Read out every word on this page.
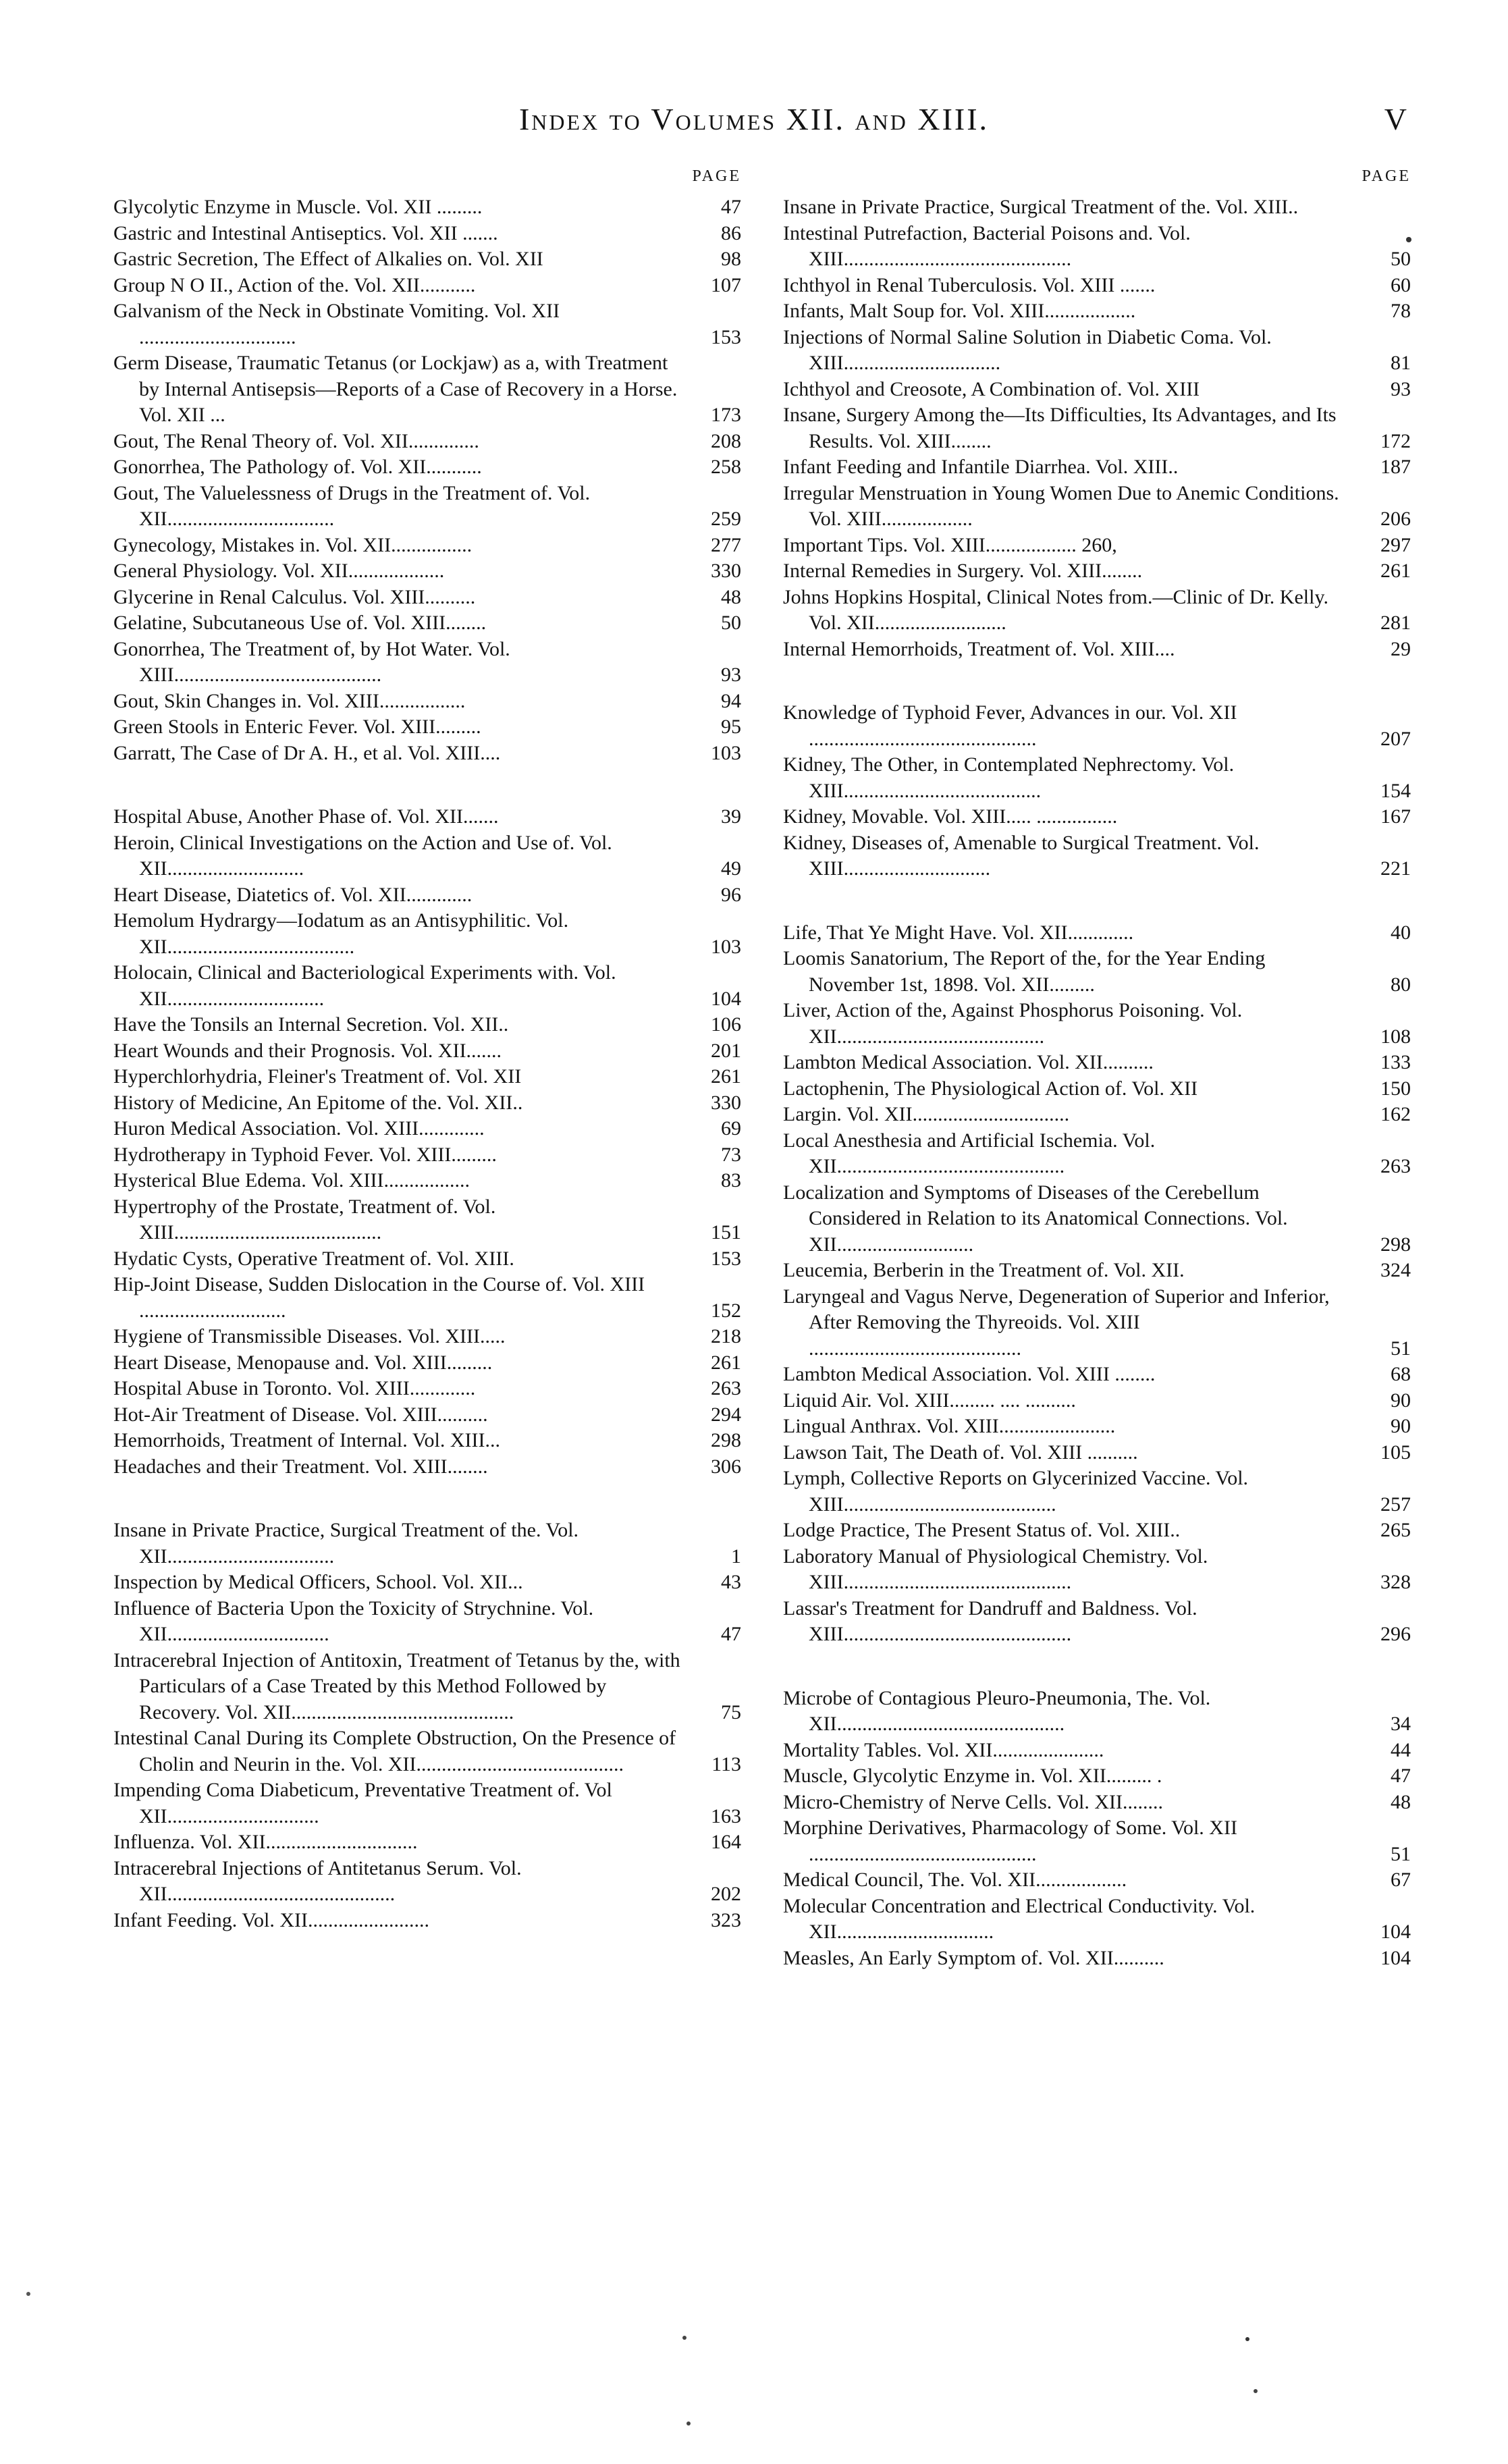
Index to Volumes XII. and XIII.	V
PAGE
Glycolytic Enzyme in Muscle. Vol. XII .........	47
Gastric and Intestinal Antiseptics. Vol. XII .......	86
Gastric Secretion, The Effect of Alkalies on. Vol. XII	98
Group N O II., Action of the. Vol. XII...........	107
Galvanism of the Neck in Obstinate Vomiting. Vol. XII ...............................	153
Germ Disease, Traumatic Tetanus (or Lockjaw) as a, with Treatment by Internal Antisepsis—Reports of a Case of Recovery in a Horse. Vol. XII ...	173
Gout, The Renal Theory of. Vol. XII..............	208
Gonorrhea, The Pathology of. Vol. XII...........	258
Gout, The Valuelessness of Drugs in the Treatment of. Vol. XII.................................	259
Gynecology, Mistakes in. Vol. XII................	277
General Physiology. Vol. XII...................	330
Glycerine in Renal Calculus. Vol. XIII..........	48
Gelatine, Subcutaneous Use of. Vol. XIII........	50
Gonorrhea, The Treatment of, by Hot Water. Vol. XIII.........................................	93
Gout, Skin Changes in. Vol. XIII.................	94
Green Stools in Enteric Fever. Vol. XIII.........	95
Garratt, The Case of Dr A. H., et al. Vol. XIII....	103
Hospital Abuse, Another Phase of. Vol. XII.......	39
Heroin, Clinical Investigations on the Action and Use of. Vol. XII...........................	49
Heart Disease, Diatetics of. Vol. XII.............	96
Hemolum Hydrargy—Iodatum as an Antisyphilitic. Vol. XII.....................................	103
Holocain, Clinical and Bacteriological Experiments with. Vol. XII...............................	104
Have the Tonsils an Internal Secretion. Vol. XII..	106
Heart Wounds and their Prognosis. Vol. XII.......	201
Hyperchlorhydria, Fleiner's Treatment of. Vol. XII	261
History of Medicine, An Epitome of the. Vol. XII..	330
Huron Medical Association. Vol. XIII.............	69
Hydrotherapy in Typhoid Fever. Vol. XIII.........	73
Hysterical Blue Edema. Vol. XIII.................	83
Hypertrophy of the Prostate, Treatment of. Vol. XIII.........................................	151
Hydatic Cysts, Operative Treatment of. Vol. XIII.	153
Hip-Joint Disease, Sudden Dislocation in the Course of. Vol. XIII .............................	152
Hygiene of Transmissible Diseases. Vol. XIII.....	218
Heart Disease, Menopause and. Vol. XIII.........	261
Hospital Abuse in Toronto. Vol. XIII.............	263
Hot-Air Treatment of Disease. Vol. XIII..........	294
Hemorrhoids, Treatment of Internal. Vol. XIII...	298
Headaches and their Treatment. Vol. XIII........	306
Insane in Private Practice, Surgical Treatment of the. Vol. XII.................................	1
Inspection by Medical Officers, School. Vol. XII...	43
Influence of Bacteria Upon the Toxicity of Strychnine. Vol. XII................................	47
Intracerebral Injection of Antitoxin, Treatment of Tetanus by the, with Particulars of a Case Treated by this Method Followed by Recovery. Vol. XII............................................	75
Intestinal Canal During its Complete Obstruction, On the Presence of Cholin and Neurin in the. Vol. XII.........................................	113
Impending Coma Diabeticum, Preventative Treatment of. Vol XII..............................	163
Influenza. Vol. XII..............................	164
Intracerebral Injections of Antitetanus Serum. Vol. XII.............................................	202
Infant Feeding. Vol. XII........................	323
PAGE
Insane in Private Practice, Surgical Treatment of the. Vol. XIII..
Intestinal Putrefaction, Bacterial Poisons and. Vol. XIII.............................................	50
Ichthyol in Renal Tuberculosis. Vol. XIII .......	60
Infants, Malt Soup for. Vol. XIII..................	78
Injections of Normal Saline Solution in Diabetic Coma. Vol. XIII...............................	81
Ichthyol and Creosote, A Combination of. Vol. XIII	93
Insane, Surgery Among the—Its Difficulties, Its Advantages, and Its Results. Vol. XIII........	172
Infant Feeding and Infantile Diarrhea. Vol. XIII..	187
Irregular Menstruation in Young Women Due to Anemic Conditions. Vol. XIII..................	206
Important Tips. Vol. XIII.................. 260,	297
Internal Remedies in Surgery. Vol. XIII........	261
Johns Hopkins Hospital, Clinical Notes from.—Clinic of Dr. Kelly. Vol. XII..........................	281
Internal Hemorrhoids, Treatment of. Vol. XIII....	29
Knowledge of Typhoid Fever, Advances in our. Vol. XII .............................................	207
Kidney, The Other, in Contemplated Nephrectomy. Vol. XIII.......................................	154
Kidney, Movable. Vol. XIII..... ................	167
Kidney, Diseases of, Amenable to Surgical Treatment. Vol. XIII.............................	221
Life, That Ye Might Have. Vol. XII.............	40
Loomis Sanatorium, The Report of the, for the Year Ending November 1st, 1898. Vol. XII.........	80
Liver, Action of the, Against Phosphorus Poisoning. Vol. XII.........................................	108
Lambton Medical Association. Vol. XII..........	133
Lactophenin, The Physiological Action of. Vol. XII	150
Largin. Vol. XII...............................	162
Local Anesthesia and Artificial Ischemia. Vol. XII.............................................	263
Localization and Symptoms of Diseases of the Cerebellum Considered in Relation to its Anatomical Connections. Vol. XII...........................	298
Leucemia, Berberin in the Treatment of. Vol. XII.	324
Laryngeal and Vagus Nerve, Degeneration of Superior and Inferior, After Removing the Thyreoids. Vol. XIII ..........................................	51
Lambton Medical Association. Vol. XIII ........	68
Liquid Air. Vol. XIII......... .... ..........	90
Lingual Anthrax. Vol. XIII.......................	90
Lawson Tait, The Death of. Vol. XIII ..........	105
Lymph, Collective Reports on Glycerinized Vaccine. Vol. XIII..........................................	257
Lodge Practice, The Present Status of. Vol. XIII..	265
Laboratory Manual of Physiological Chemistry. Vol. XIII.............................................	328
Lassar's Treatment for Dandruff and Baldness. Vol. XIII.............................................	296
Microbe of Contagious Pleuro-Pneumonia, The. Vol. XII.............................................	34
Mortality Tables. Vol. XII......................	44
Muscle, Glycolytic Enzyme in. Vol. XII......... .	47
Micro-Chemistry of Nerve Cells. Vol. XII........	48
Morphine Derivatives, Pharmacology of Some. Vol. XII .............................................	51
Medical Council, The. Vol. XII..................	67
Molecular Concentration and Electrical Conductivity. Vol. XII...............................	104
Measles, An Early Symptom of. Vol. XII..........	104
